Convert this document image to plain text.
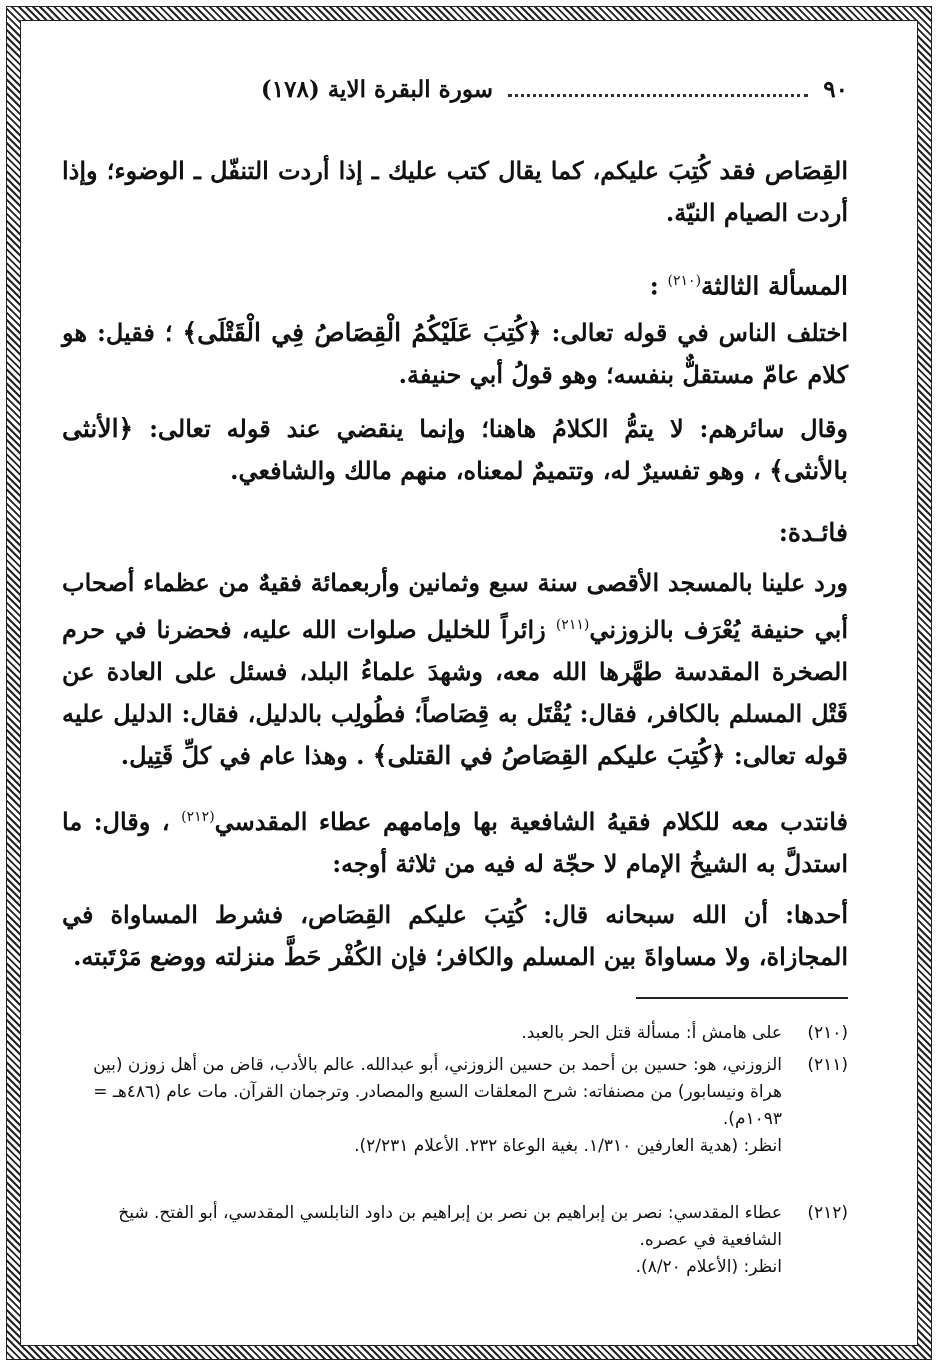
٩٠
سورة البقرة الاية (١٧٨)

القِصَاص فقد كُتِبَ عليكم، كما يقال كتب عليك ـ إذا أردت التنفّل ـ الوضوء؛ وإذا أردت الصيام النيّة.

المسألة الثالثة$^{(٢١٠)}$ :

اختلف الناس في قوله تعالى: ﴿كُتِبَ عَلَيْكُمُ الْقِصَاصُ فِي الْقَتْلَى﴾ ؛ فقيل: هو كلام عامّ مستقلٌّ بنفسه؛ وهو قولُ أبي حنيفة.

وقال سائرهم: لا يتمُّ الكلامُ هاهنا؛ وإنما ينقضي عند قوله تعالى: ﴿الأنثى بالأنثى﴾ ، وهو تفسيرٌ له، وتتميمٌ لمعناه، منهم مالك والشافعي.

فائـدة:

ورد علينا بالمسجد الأقصى سنة سبع وثمانين وأربعمائة فقيهٌ من عظماء أصحاب أبي حنيفة يُعْرَف بالزوزني$^{(٢١١)}$ زائراً للخليل صلوات الله عليه، فحضرنا في حرم الصخرة المقدسة طهَّرها الله معه، وشهدَ علماءُ البلد، فسئل على العادة عن قَتْل المسلم بالكافر، فقال: يُقْتَل به قِصَاصاً؛ فطُولِب بالدليل، فقال: الدليل عليه قوله تعالى: ﴿كُتِبَ عليكم القِصَاصُ في القتلى﴾ . وهذا عام في كلِّ قَتِيل.

فانتدب معه للكلام فقيهُ الشافعية بها وإمامهم عطاء المقدسي$^{(٢١٢)}$ ، وقال: ما استدلَّ به الشيخُ الإمام لا حجّة له فيه من ثلاثة أوجه:

أحدها: أن الله سبحانه قال: كُتِبَ عليكم القِصَاص، فشرط المساواة في المجازاة، ولا مساواةَ بين المسلم والكافر؛ فإن الكُفْر حَطَّ منزلته ووضع مَرْتَبته.

(٢١٠)على هامش أ: مسألة قتل الحر بالعبد.
(٢١١)
الزوزني، هو: حسين بن أحمد بن حسين الزوزني، أبو عبدالله. عالم بالأدب، قاض من أهل زوزن (بين هراة ونيسابور) من مصنفاته: شرح المعلقات السبع والمصادر. وترجمان القرآن. مات عام (٤٨٦هـ = ١٠٩٣م).
انظر: (هدية العارفين ١/٣١٠. بغية الوعاة ٢٣٢. الأعلام ٢/٢٣١).
(٢١٢)
عطاء المقدسي: نصر بن إبراهيم بن نصر بن إبراهيم بن داود النابلسي المقدسي، أبو الفتح. شيخ الشافعية في عصره.
انظر: (الأعلام ٨/٢٠).
